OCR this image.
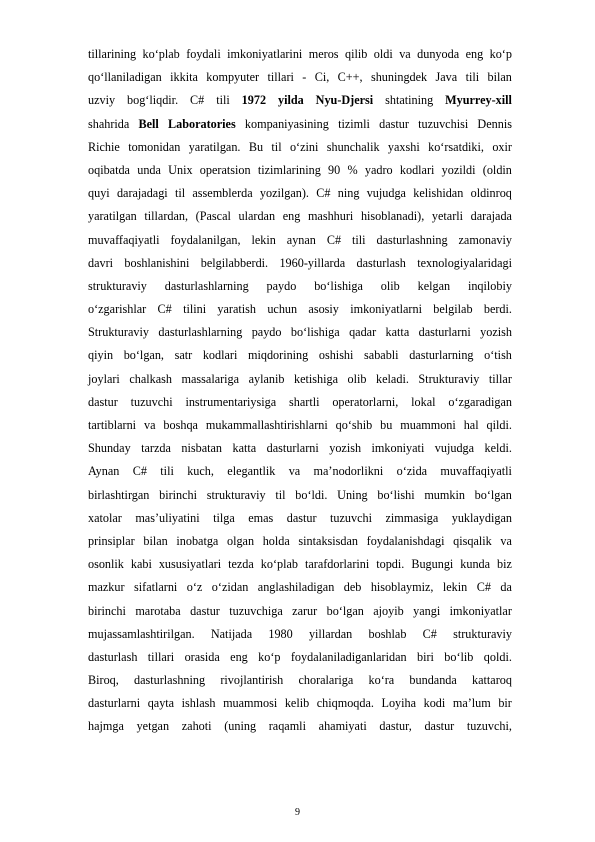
tillarining ko‘plab foydali imkoniyatlarini meros qilib oldi va dunyoda eng ko‘p
qo‘llaniladigan ikkita kompyuter tillari - Ci, C++, shuningdek Java tili bilan
uzviy bog‘liqdir. C# tili 1972 yilda Nyu-Djersi shtatining Myurrey-xill
shahrida Bell Laboratories kompaniyasining tizimli dastur tuzuvchisi Dennis
Richie tomonidan yaratilgan. Bu til o‘zini shunchalik yaxshi ko‘rsatdiki, oxir
oqibatda unda Unix operatsion tizimlarining 90 % yadro kodlari yozildi (oldin
quyi darajadagi til assemblerda yozilgan). C# ning vujudga kelishidan oldinroq
yaratilgan tillardan, (Pascal ulardan eng mashhuri hisoblanadi), yetarli darajada
muvaffaqiyatli foydalanilgan, lekin aynan C# tili dasturlashning zamonaviy
davri boshlanishini belgilabberdi. 1960-yillarda dasturlash texnologiyalaridagi
strukturaviy dasturlashlarning paydo bo‘lishiga olib kelgan inqilobiy
o‘zgarishlar C# tilini yaratish uchun asosiy imkoniyatlarni belgilab berdi.
Strukturaviy dasturlashlarning paydo bo‘lishiga qadar katta dasturlarni yozish
qiyin bo‘lgan, satr kodlari miqdorining oshishi sababli dasturlarning o‘tish
joylari chalkash massalariga aylanib ketishiga olib keladi. Strukturaviy tillar
dastur tuzuvchi instrumentariysiga shartli operatorlarni, lokal o‘zgaradigan
tartiblarni va boshqa mukammallashtirishlarni qo‘shib bu muammoni hal qildi.
Shunday tarzda nisbatan katta dasturlarni yozish imkoniyati vujudga keldi.
Aynan C# tili kuch, elegantlik va ma’nodorlikni o‘zida muvaffaqiyatli
birlashtirgan birinchi strukturaviy til bo‘ldi. Uning bo‘lishi mumkin bo‘lgan
xatolar mas’uliyatini tilga emas dastur tuzuvchi zimmasiga yuklaydigan
prinsiplar bilan inobatga olgan holda sintaksisdan foydalanishdagi qisqalik va
osonlik kabi xususiyatlari tezda ko‘plab tarafdorlarini topdi. Bugungi kunda biz
mazkur sifatlarni o‘z o‘zidan anglashiladigan deb hisoblaymiz, lekin C# da
birinchi marotaba dastur tuzuvchiga zarur bo‘lgan ajoyib yangi imkoniyatlar
mujassamlashtirilgan. Natijada 1980 yillardan boshlab C# strukturaviy
dasturlash tillari orasida eng ko‘p foydalaniladiganlaridan biri bo‘lib qoldi.
Biroq, dasturlashning rivojlantirish choralariga ko‘ra bundanda kattaroq
dasturlarni qayta ishlash muammosi kelib chiqmoqda. Loyiha kodi ma’lum bir
hajmga yetgan zahoti (uning raqamli ahamiyati dastur, dastur tuzuvchi,
9
